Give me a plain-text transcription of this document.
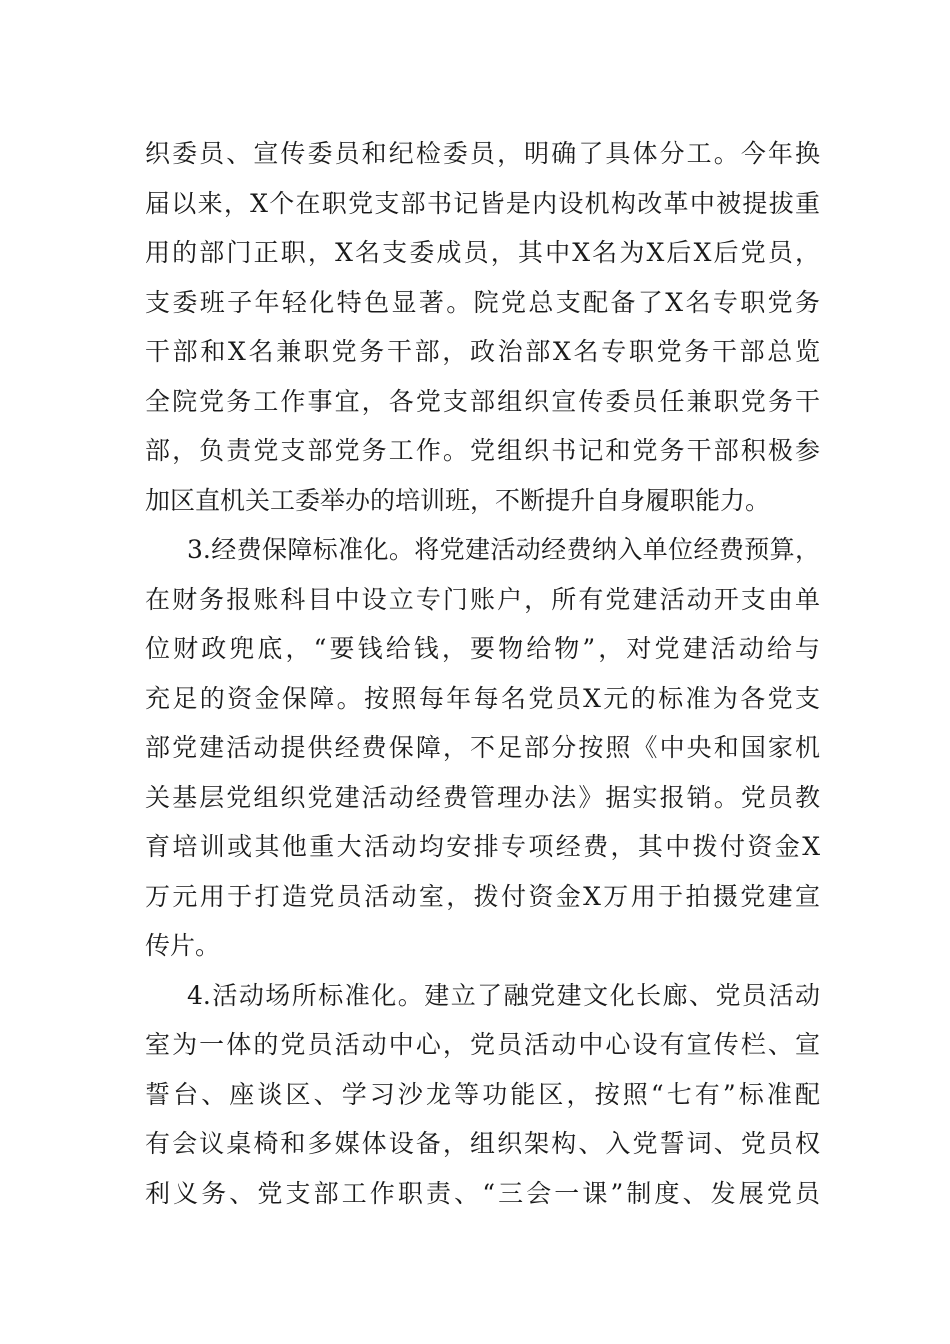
织委员、宣传委员和纪检委员，明确了具体分工。今年换
届以来，X个在职党支部书记皆是内设机构改革中被提拔重
用的部门正职，X名支委成员，其中X名为X后X后党员，
支委班子年轻化特色显著。院党总支配备了X名专职党务
干部和X名兼职党务干部，政治部X名专职党务干部总览
全院党务工作事宜，各党支部组织宣传委员任兼职党务干
部，负责党支部党务工作。党组织书记和党务干部积极参
加区直机关工委举办的培训班，不断提升自身履职能力。
3.经费保障标准化。将党建活动经费纳入单位经费预算，
在财务报账科目中设立专门账户，所有党建活动开支由单
位财政兜底，“要钱给钱，要物给物”，对党建活动给与
充足的资金保障。按照每年每名党员X元的标准为各党支
部党建活动提供经费保障，不足部分按照《中央和国家机
关基层党组织党建活动经费管理办法》据实报销。党员教
育培训或其他重大活动均安排专项经费，其中拨付资金X
万元用于打造党员活动室，拨付资金X万用于拍摄党建宣
传片。
4.活动场所标准化。建立了融党建文化长廊、党员活动
室为一体的党员活动中心，党员活动中心设有宣传栏、宣
誓台、座谈区、学习沙龙等功能区，按照“七有”标准配
有会议桌椅和多媒体设备，组织架构、入党誓词、党员权
利义务、党支部工作职责、“三会一课”制度、发展党员
